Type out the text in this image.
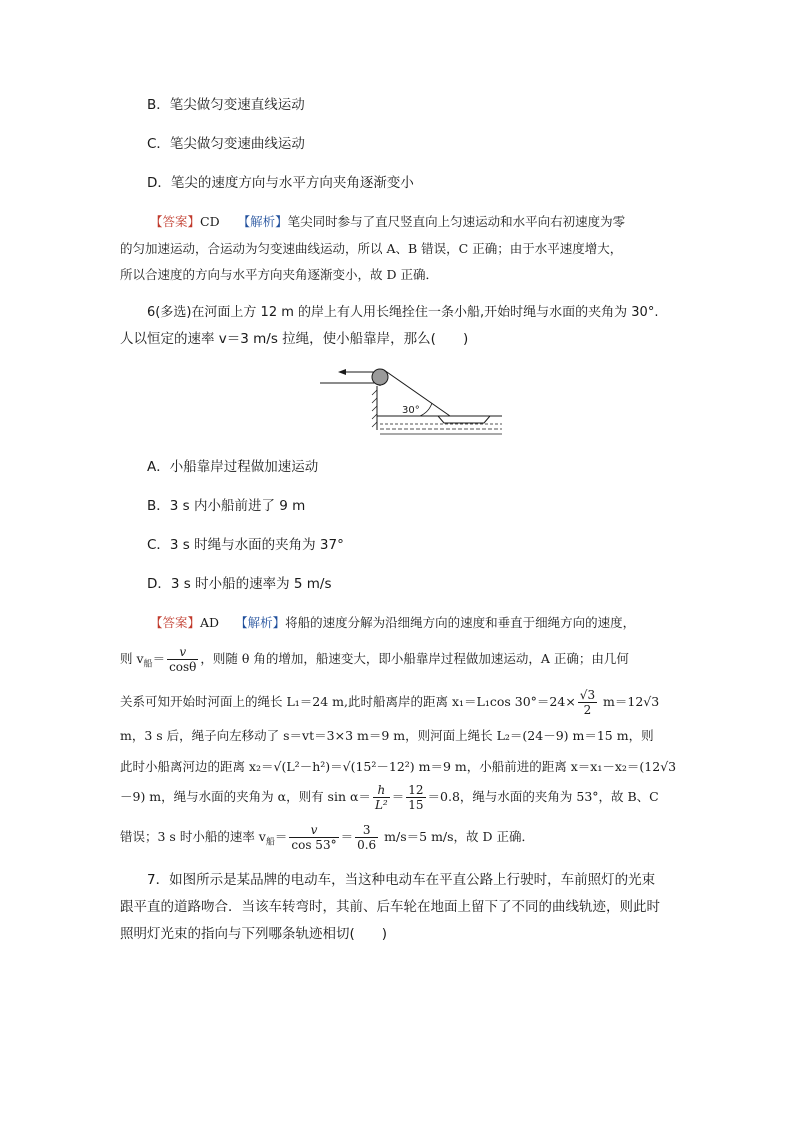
B．笔尖做匀变速直线运动
C．笔尖做匀变速曲线运动
D．笔尖的速度方向与水平方向夹角逐渐变小
【答案】CD 【解析】笔尖同时参与了直尺竖直向上匀速运动和水平向右初速度为零
的匀加速运动，合运动为匀变速曲线运动，所以 A、B 错误，C 正确；由于水平速度增大，
所以合速度的方向与水平方向夹角逐渐变小，故 D 正确．
6(多选)在河面上方 12 m 的岸上有人用长绳拴住一条小船,开始时绳与水面的夹角为 30°.
人以恒定的速率 v＝3 m/s 拉绳，使小船靠岸，那么(　　)
30°
A．小船靠岸过程做加速运动
B．3 s 内小船前进了 9 m
C．3 s 时绳与水面的夹角为 37°
D．3 s 时小船的速率为 5 m/s
【答案】AD 【解析】将船的速度分解为沿细绳方向的速度和垂直于细绳方向的速度，
则 $v_船= \frac{v}{\cos\theta}$ ，则随 θ 角的增加，船速变大，即小船靠岸过程做加速运动，A 正确；由几何
关系可知开始时河面上的绳长 L₁＝24 m,此时船离岸的距离 x₁＝L₁cos $30^\circ=24\times \frac{√3}{2} m=12√3$
m，3 s 后，绳子向左移动了 s＝vt＝3×3 m＝9 m，则河面上绳长 L₂＝(24－9) m＝15 m，则
此时小船离河边的距离 x₂＝√(L²－h²)＝√(15²－12²) m＝9 m，小船前进的距离 x＝x₁－x₂＝(12√3
－9) m，绳与水面的夹角为 α，则有 $\sin \alpha= \frac{h}{\text{L²}} = \frac{12}{15} =0.8$，绳与水面的夹角为 53°，故 B、C
错误；3 s 时小船的速率 $v_船= \frac{v}{\cos 53^\circ} = \frac{3}{0.6} m/s=5$ m/s，故 D 正确．
7．如图所示是某品牌的电动车，当这种电动车在平直公路上行驶时，车前照灯的光束
跟平直的道路吻合．当该车转弯时，其前、后车轮在地面上留下了不同的曲线轨迹，则此时
照明灯光束的指向与下列哪条轨迹相切(　　)
